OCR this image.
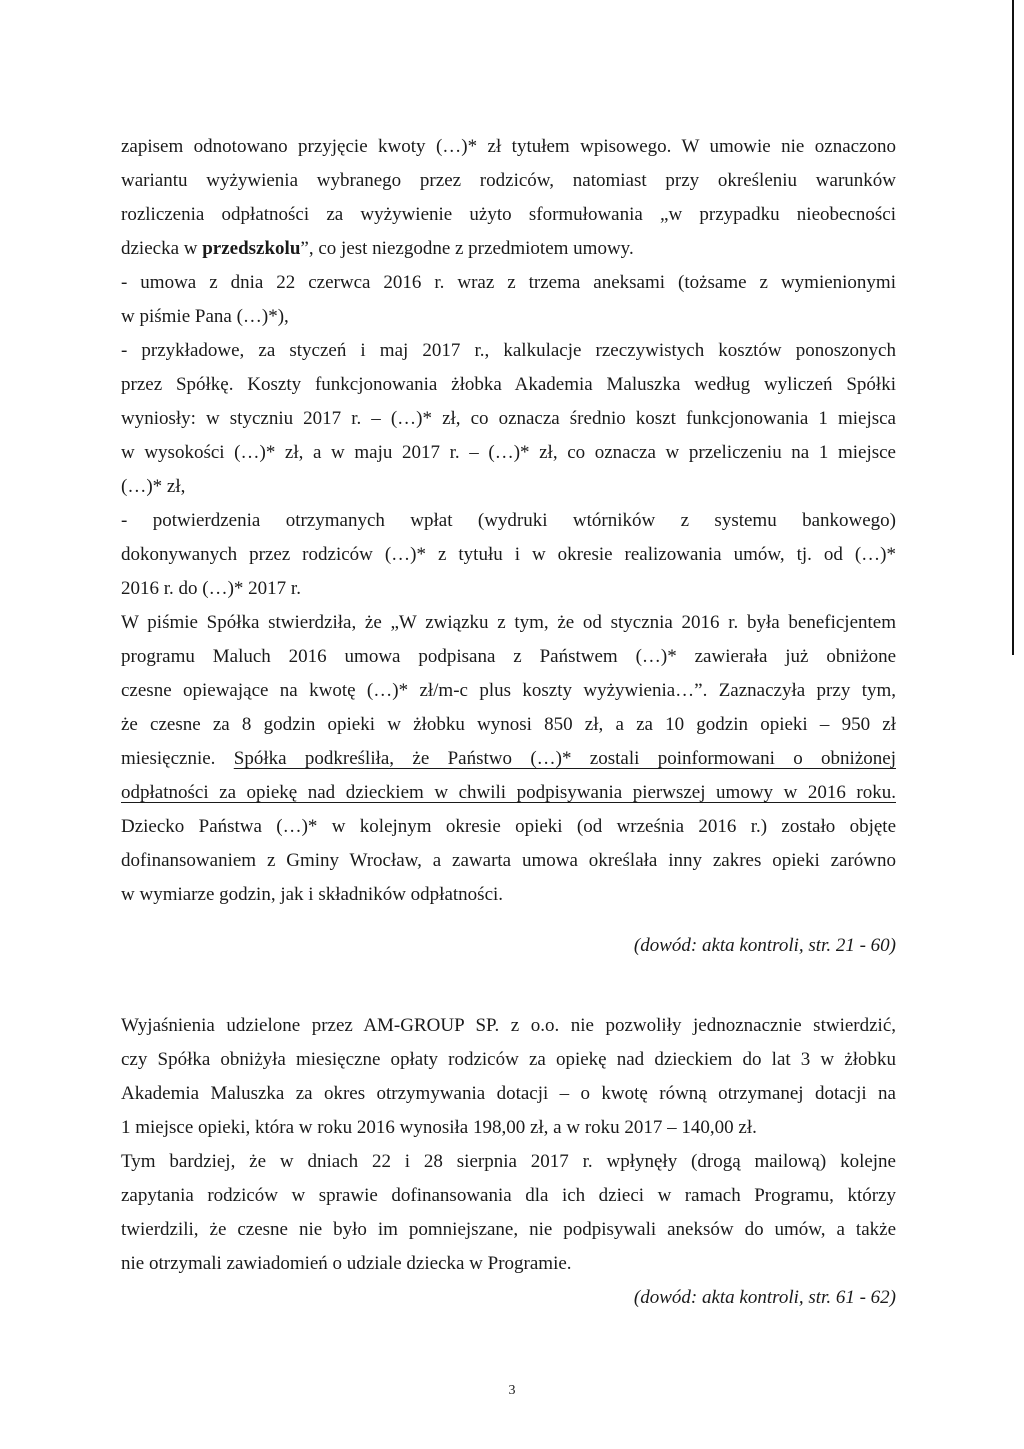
zapisem odnotowano przyjęcie kwoty (…)* zł tytułem wpisowego. W umowie nie oznaczono
wariantu wyżywienia wybranego przez rodziców, natomiast przy określeniu warunków
rozliczenia odpłatności za wyżywienie użyto sformułowania „w przypadku nieobecności
dziecka w przedszkolu”, co jest niezgodne z przedmiotem umowy.
- umowa z dnia 22 czerwca 2016 r. wraz z trzema aneksami (tożsame z wymienionymi
w piśmie Pana (…)*),
- przykładowe, za styczeń i maj 2017 r., kalkulacje rzeczywistych kosztów ponoszonych
przez Spółkę. Koszty funkcjonowania żłobka Akademia Maluszka według wyliczeń Spółki
wyniosły: w styczniu 2017 r. – (…)* zł, co oznacza średnio koszt funkcjonowania 1 miejsca
w wysokości (…)* zł, a w maju 2017 r. – (…)* zł, co oznacza w przeliczeniu na 1 miejsce
(…)* zł,
- potwierdzenia otrzymanych wpłat (wydruki wtórników z systemu bankowego)
dokonywanych przez rodziców (…)* z tytułu i w okresie realizowania umów, tj. od (…)*
2016 r. do (…)* 2017 r.
W piśmie Spółka stwierdziła, że „W związku z tym, że od stycznia 2016 r. była beneficjentem
programu Maluch 2016 umowa podpisana z Państwem (…)* zawierała już obniżone
czesne opiewające na kwotę (…)* zł/m-c plus koszty wyżywienia…”. Zaznaczyła przy tym,
że czesne za 8 godzin opieki w żłobku wynosi 850 zł, a za 10 godzin opieki – 950 zł
miesięcznie. Spółka podkreśliła, że Państwo (…)* zostali poinformowani o obniżonej
odpłatności za opiekę nad dzieckiem w chwili podpisywania pierwszej umowy w 2016 roku.
Dziecko Państwa (…)* w kolejnym okresie opieki (od września 2016 r.) zostało objęte
dofinansowaniem z Gminy Wrocław, a zawarta umowa określała inny zakres opieki zarówno
w wymiarze godzin, jak i składników odpłatności.
(dowód: akta kontroli, str. 21 - 60)
Wyjaśnienia udzielone przez AM-GROUP SP. z o.o. nie pozwoliły jednoznacznie stwierdzić,
czy Spółka obniżyła miesięczne opłaty rodziców za opiekę nad dzieckiem do lat 3 w żłobku
Akademia Maluszka za okres otrzymywania dotacji – o kwotę równą otrzymanej dotacji na
1 miejsce opieki, która w roku 2016 wynosiła 198,00 zł, a w roku 2017 – 140,00 zł.
Tym bardziej, że w dniach 22 i 28 sierpnia 2017 r. wpłynęły (drogą mailową) kolejne
zapytania rodziców w sprawie dofinansowania dla ich dzieci w ramach Programu, którzy
twierdzili, że czesne nie było im pomniejszane, nie podpisywali aneksów do umów, a także
nie otrzymali zawiadomień o udziale dziecka w Programie.
(dowód: akta kontroli, str. 61 - 62)
3
